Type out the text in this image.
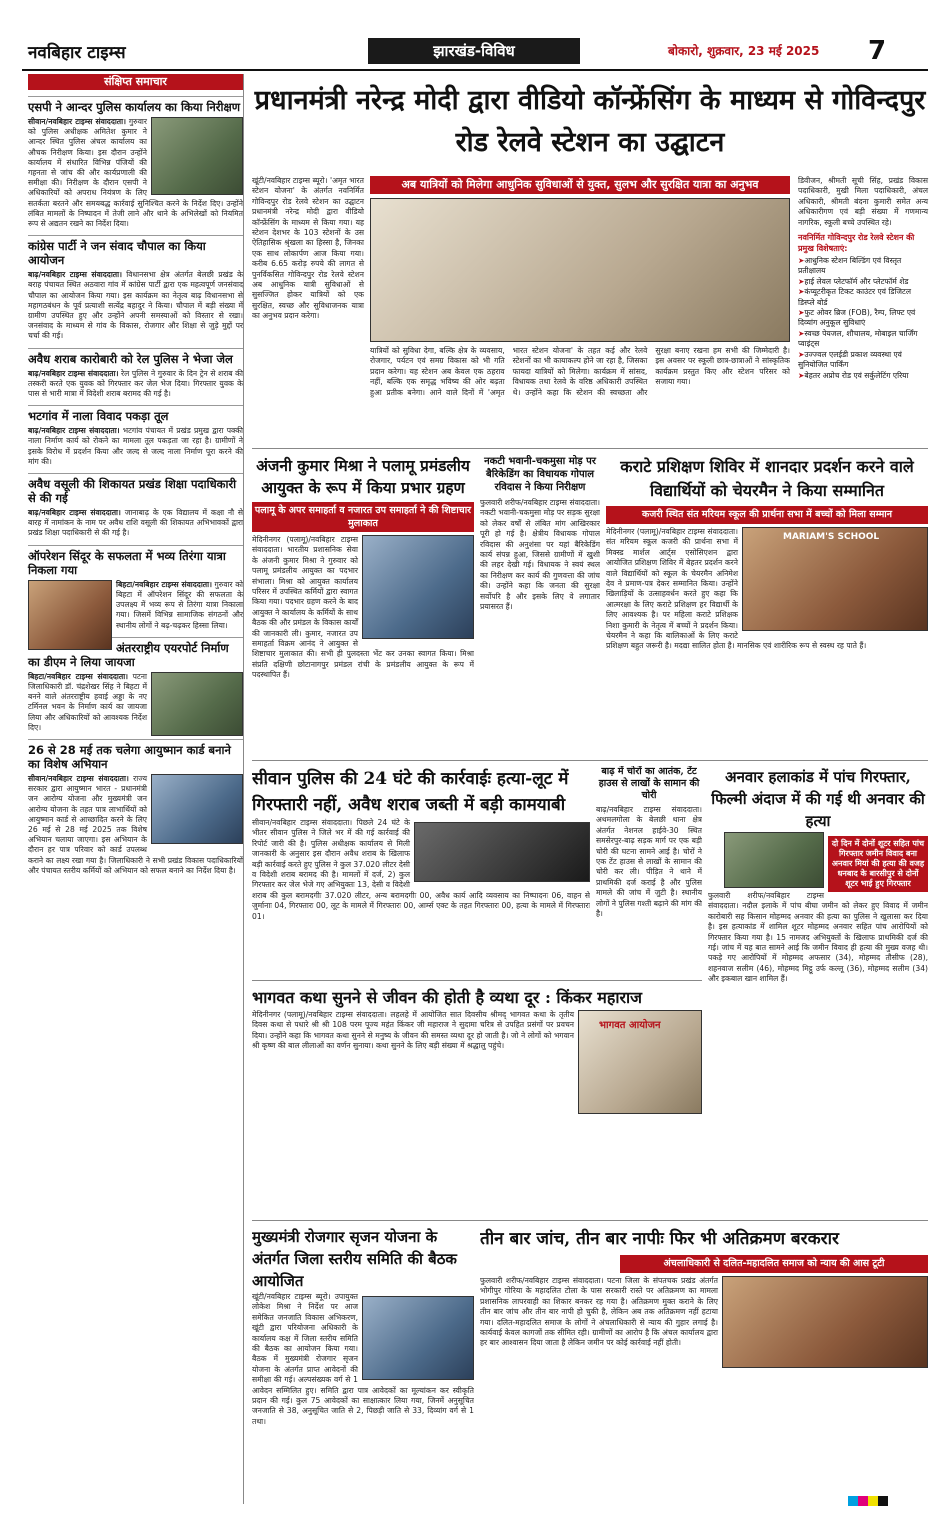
नवबिहार टाइम्स	झारखंड-विविध	बोकारो, शुक्रवार, 23 मई 2025 7
संक्षिप्त समाचार
एसपी ने आन्दर पुलिस कार्यालय का किया निरीक्षण

सीवान/नवबिहार टाइम्स संवाददाता। गुरुवार को पुलिस अधीक्षक अमितेश कुमार ने आन्दर स्थित पुलिस अंचल कार्यालय का औचक निरीक्षण किया। इस दौरान उन्होंने कार्यालय में संधारित विभिन्न पंजियों की गहनता से जांच की और कार्यप्रणाली की समीक्षा की। निरीक्षण के दौरान एसपी ने अधिकारियों को अपराध नियंत्रण के लिए सतर्कता बरतने और समयबद्ध कार्रवाई सुनिश्चित करने के निर्देश दिए। उन्होंने लंबित मामलों के निष्पादन में तेजी लाने और थाने के अभिलेखों को नियमित रूप से अद्यतन रखने का निर्देश दिया।

कांग्रेस पार्टी ने जन संवाद चौपाल का किया आयोजन

बाढ़/नवबिहार टाइम्स संवाददाता। विधानसभा क्षेत्र अंतर्गत बेलछी प्रखंड के बराह पंचायत स्थित अठवारा गांव में कांग्रेस पार्टी द्वारा एक महत्वपूर्ण जनसंवाद चौपाल का आयोजन किया गया। इस कार्यक्रम का नेतृत्व बाढ़ विधानसभा से महागठबंधन के पूर्व प्रत्याशी सत्येंद्र बहादुर ने किया। चौपाल में बड़ी संख्या में ग्रामीण उपस्थित हुए और उन्होंने अपनी समस्याओं को विस्तार से रखा। जनसंवाद के माध्यम से गांव के विकास, रोजगार और शिक्षा से जुड़े मुद्दों पर चर्चा की गई।

अवैध शराब कारोबारी को रेल पुलिस ने भेजा जेल

बाढ़/नवबिहार टाइम्स संवाददाता। रेल पुलिस ने गुरुवार के दिन ट्रेन से शराब की तस्करी करते एक युवक को गिरफ्तार कर जेल भेज दिया। गिरफ्तार युवक के पास से भारी मात्रा में विदेशी शराब बरामद की गई है।

भटगांव में नाला विवाद पकड़ा तूल

बाढ़/नवबिहार टाइम्स संवाददाता। भटगांव पंचायत में प्रखंड प्रमुख द्वारा पक्की नाला निर्माण कार्य को रोकने का मामला तूल पकड़ता जा रहा है। ग्रामीणों ने इसके विरोध में प्रदर्शन किया और जल्द से जल्द नाला निर्माण पूरा करने की मांग की।

अवैध वसूली की शिकायत प्रखंड शिक्षा पदाधिकारी से की गई

बाढ़/नवबिहार टाइम्स संवाददाता। जानाबाढ़ के एक विद्यालय में कक्षा नौ से बारह में नामांकन के नाम पर अवैध राशि वसूली की शिकायत अभिभावकों द्वारा प्रखंड शिक्षा पदाधिकारी से की गई है।

ऑपरेशन सिंदूर के सफलता में भव्य तिरंगा यात्रा निकला गया

बिहटा/नवबिहार टाइम्स संवाददाता। गुरुवार को बिहटा में ऑपरेशन सिंदूर की सफलता के उपलक्ष्य में भव्य रूप से तिरंगा यात्रा निकाला गया। जिसमें विभिन्न सामाजिक संगठनों और स्थानीय लोगों ने बढ़-चढ़कर हिस्सा लिया।

अंतरराष्ट्रीय एयरपोर्ट निर्माण का डीएम ने लिया जायजा

बिहटा/नवबिहार टाइम्स संवाददाता। पटना जिलाधिकारी डॉ. चंद्रशेखर सिंह ने बिहटा में बनने वाले अंतरराष्ट्रीय हवाई अड्डा के नए टर्मिनल भवन के निर्माण कार्य का जायजा लिया और अधिकारियों को आवश्यक निर्देश दिए।

26 से 28 मई तक चलेगा आयुष्मान कार्ड बनाने का विशेष अभियान

सीवान/नवबिहार टाइम्स संवाददाता। राज्य सरकार द्वारा आयुष्मान भारत - प्रधानमंत्री जन आरोग्य योजना और मुख्यमंत्री जन आरोग्य योजना के तहत पात्र लाभार्थियों को आयुष्मान कार्ड से आच्छादित करने के लिए 26 मई से 28 मई 2025 तक विशेष अभियान चलाया जाएगा। इस अभियान के दौरान हर पात्र परिवार को कार्ड उपलब्ध कराने का लक्ष्य रखा गया है। जिलाधिकारी ने सभी प्रखंड विकास पदाधिकारियों और पंचायत स्तरीय कर्मियों को अभियान को सफल बनाने का निर्देश दिया है।

प्रधानमंत्री नरेन्द्र मोदी द्वारा वीडियो कॉन्फ्रेंसिंग के माध्यम से गोविन्दपुर रोड रेलवे स्टेशन का उद्घाटन

खूंटी/नवबिहार टाइम्स ब्यूरो। 'अमृत भारत स्टेशन योजना' के अंतर्गत नवनिर्मित गोविन्दपुर रोड रेलवे स्टेशन का उद्घाटन प्रधानमंत्री नरेन्द्र मोदी द्वारा वीडियो कॉन्फ्रेंसिंग के माध्यम से किया गया। यह स्टेशन देशभर के 103 स्टेशनों के उस ऐतिहासिक श्रृंखला का हिस्सा है, जिनका एक साथ लोकार्पण आज किया गया। करीब 6.65 करोड़ रुपये की लागत से पुनर्विकसित गोविन्दपुर रोड रेलवे स्टेशन अब आधुनिक यात्री सुविधाओं से सुसज्जित होकर यात्रियों को एक सुरक्षित, स्वच्छ और सुविधाजनक यात्रा का अनुभव प्रदान करेगा।

अब यात्रियों को मिलेगा आधुनिक सुविधाओं से युक्त, सुलभ और सुरक्षित यात्रा का अनुभव

यात्रियों को सुविधा देगा, बल्कि क्षेत्र के व्यवसाय, रोजगार, पर्यटन एवं समग्र विकास को भी गति प्रदान करेगा। यह स्टेशन अब केवल एक ठहराव नहीं, बल्कि एक समृद्ध भविष्य की ओर बढ़ता हुआ प्रतीक बनेगा। आने वाले दिनों में 'अमृत भारत स्टेशन योजना' के तहत कई और रेलवे स्टेशनों का भी कायाकल्प होने जा रहा है, जिसका फायदा यात्रियों को मिलेगा। कार्यक्रम में सांसद, विधायक तथा रेलवे के वरिष्ठ अधिकारी उपस्थित थे। उन्होंने कहा कि स्टेशन की स्वच्छता और सुरक्षा बनाए रखना हम सभी की जिम्मेदारी है। इस अवसर पर स्कूली छात्र-छात्राओं ने सांस्कृतिक कार्यक्रम प्रस्तुत किए और स्टेशन परिसर को सजाया गया।

डिवीजन, श्रीमती सूची सिंह, प्रखंड विकास पदाधिकारी, मुखी मिला पदाधिकारी, अंचल अधिकारी, श्रीमती बंदना कुमारी समेत अन्य अधिकारीगण एवं बड़ी संख्या में गणमान्य नागरिक, स्कूली बच्चे उपस्थित रहे।

नवनिर्मित गोविन्दपुर रोड रेलवे स्टेशन की प्रमुख विशेषताएं:
➤ आधुनिक स्टेशन बिल्डिंग एवं विस्तृत प्रतीक्षालय
➤ हाई लेवल प्लेटफॉर्म और प्लेटफॉर्म शेड
➤ कंप्यूटरीकृत टिकट काउंटर एवं डिजिटल डिस्प्ले बोर्ड
➤ फुट ओवर ब्रिज (FOB), रैम्प, लिफ्ट एवं दिव्यांग अनुकूल सुविधाएं
➤ स्वच्छ पेयजल, शौचालय, मोबाइल चार्जिंग प्वाइंट्स
➤ उज्ज्वल एलईडी प्रकाश व्यवस्था एवं सुनियोजित पार्किंग
➤ बेहतर अप्रोच रोड एवं सर्कुलेटिंग एरिया
अंजनी कुमार मिश्रा ने पलामू प्रमंडलीय आयुक्त के रूप में किया प्रभार ग्रहण
पलामू के अपर समाहर्ता व नजारत उप समाहर्ता ने की शिष्टाचार मुलाकात

मेदिनीनगर (पलामू)/नवबिहार टाइम्स संवाददाता। भारतीय प्रशासनिक सेवा के अंजनी कुमार मिश्रा ने गुरुवार को पलामू प्रमंडलीय आयुक्त का पदभार संभाला। मिश्रा को आयुक्त कार्यालय परिसर में उपस्थित कर्मियों द्वारा स्वागत किया गया। पदभार ग्रहण करने के बाद आयुक्त ने कार्यालय के कर्मियों के साथ बैठक की और प्रमंडल के विकास कार्यों की जानकारी ली। कुमार, नजारत उप समाहर्ता विक्रम आनंद ने आयुक्त से शिष्टाचार मुलाकात की। सभी ही पुलदस्ता भेंट कर उनका स्वागत किया। मिश्रा संप्रति दक्षिणी छोटानागपुर प्रमंडल रांची के प्रमंडलीय आयुक्त के रूप में पदस्थापित हैं।

नकटी भवानी-चकमुसा मोड़ पर बैरिकेडिंग का विधायक गोपाल रविदास ने किया निरीक्षण

फुलवारी शरीफ/नवबिहार टाइम्स संवाददाता। नकटी भवानी-चकमुसा मोड़ पर सड़क सुरक्षा को लेकर वर्षों से लंबित मांग आखिरकार पूरी हो गई है। क्षेत्रीय विधायक गोपाल रविदास की अनुशंसा पर यहां बैरिकेडिंग कार्य संपन्न हुआ, जिससे ग्रामीणों में खुशी की लहर देखी गई। विधायक ने स्वयं स्थल का निरीक्षण कर कार्य की गुणवत्ता की जांच की। उन्होंने कहा कि जनता की सुरक्षा सर्वोपरि है और इसके लिए वे लगातार प्रयासरत हैं।

कराटे प्रशिक्षण शिविर में शानदार प्रदर्शन करने वाले विद्यार्थियों को चेयरमैन ने किया सम्मानित
कजरी स्थित संत मरियम स्कूल की प्रार्थना सभा में बच्चों को मिला सम्मान
MARIAM'S SCHOOL

मेदिनीनगर (पलामू)/नवबिहार टाइम्स संवाददाता। संत मरियम स्कूल कजरी की प्रार्थना सभा में मिक्स्ड मार्शल आर्ट्स एसोसिएशन द्वारा आयोजित प्रशिक्षण शिविर में बेहतर प्रदर्शन करने वाले विद्यार्थियों को स्कूल के चेयरमैन अनिमेश देव ने प्रमाण-पत्र देकर सम्मानित किया। उन्होंने खिलाड़ियों के उत्साहवर्धन करते हुए कहा कि आत्मरक्षा के लिए कराटे प्रशिक्षण हर विद्यार्थी के लिए आवश्यक है। पर महिला कराटे प्रशिक्षक निशा कुमारी के नेतृत्व में बच्चों ने प्रदर्शन किया। चेयरमैन ने कहा कि बालिकाओं के लिए कराटे प्रशिक्षण बहुत जरूरी है। मदद्या सालित होता है। मानसिक एवं शारीरिक रूप से स्वस्थ रह पाते हैं।

सीवान पुलिस की 24 घंटे की कार्रवाईः हत्या-लूट में गिरफ्तारी नहीं, अवैध शराब जब्ती में बड़ी कामयाबी

सीवान/नवबिहार टाइम्स संवाददाता। पिछले 24 घंटे के भीतर सीवान पुलिस ने जिले भर में की गई कार्रवाई की रिपोर्ट जारी की है। पुलिस अधीक्षक कार्यालय से मिली जानकारी के अनुसार इस दौरान अवैध शराब के खिलाफ बड़ी कार्रवाई करते हुए पुलिस ने कुल 37.020 लीटर देसी व विदेशी शराब बरामद की है। मामलों में दर्ज, 2) कुल गिरफ्तार कर जेल भेजे गए अभियुक्तः 13, देसी व विदेशी शराब की कुल बरामदगीः 37.020 लीटर, अन्य बरामदगीः 00, अवैध कार्य आदि व्यवसाय का निष्पादनः 06, वाहन से जुर्मानाः 04, गिरफ्तारः 00, लूट के मामले में गिरफ्तारः 00, आर्म्स एक्ट के तहत गिरफ्तारः 00, हत्या के मामले में गिरफ्तारः 01।

बाढ़ में चोरों का आतंक, टेंट हाउस से लाखों के सामान की चोरी

बाढ़/नवबिहार टाइम्स संवाददाता। अथमलगोला के बेलछी थाना क्षेत्र अंतर्गत नेशनल हाईवे-30 स्थित समसेरपुर-बाढ़ सड़क मार्ग पर एक बड़ी चोरी की घटना सामने आई है। चोरों ने एक टेंट हाउस से लाखों के सामान की चोरी कर ली। पीड़ित ने थाने में प्राथमिकी दर्ज कराई है और पुलिस मामले की जांच में जुटी है। स्थानीय लोगों ने पुलिस गश्ती बढ़ाने की मांग की है।

अनवार हलाकांड में पांच गिरफ्तार, फिल्मी अंदाज में की गई थी अनवार की हत्या
दो दिन में दोनों शूटर सहित पांच गिरफ्तार जमीन विवाद बना अनवार मियां की हत्या की वजह धनबाद के बारसीपुर से दोनों शूटर भाई हुए गिरफ्तार

फुलवारी शरीफ/नवबिहार टाइम्स संवाददाता। नदौल इलाके में पांच बीघा जमीन को लेकर हुए विवाद में जमीन कारोबारी सह किसान मोहम्मद अनवार की हत्या का पुलिस ने खुलासा कर दिया है। इस हत्याकांड में शामिल शूटर मोहम्मद अनवार सहित पांच आरोपियों को गिरफ्तार किया गया है। 15 नामजद अभियुक्तों के खिलाफ प्राथमिकी दर्ज की गई। जांच में यह बात सामने आई कि जमीन विवाद ही हत्या की मुख्य वजह थी। पकड़े गए आरोपियों में मोहम्मद अफसार (34), मोहम्मद तौसीफ (28), शहनवाज सलीम (46), मोहम्मद मिट्ठू उर्फ कल्लू (36), मोहम्मद सलीम (34) और इकबाल खान शामिल हैं।

भागवत कथा सुनने से जीवन की होती है व्यथा दूर : किंकर महाराज
भागवत आयोजन

मेदिनीनगर (पलामू)/नवबिहार टाइम्स संवाददाता। लहलहे में आयोजित सात दिवसीय श्रीमद् भागवत कथा के तृतीय दिवस कथा से पधारे श्री श्री 108 परम पूज्य महंत किंकर जी महाराज ने सुदामा चरित्र से उपहित प्रसंगों पर प्रवचन दिया। उन्होंने कहा कि भागवत कथा सुनने से मनुष्य के जीवन की समस्त व्यथा दूर हो जाती है। जो ने लोगों को भगवान श्री कृष्ण की बाल लीलाओं का वर्णन सुनाया। कथा सुनने के लिए बड़ी संख्या में श्रद्धालु पहुंचे।

मुख्यमंत्री रोजगार सृजन योजना के अंतर्गत जिला स्तरीय समिति की बैठक आयोजित

खूंटी/नवबिहार टाइम्स ब्यूरो। उपायुक्त लोकेश मिश्रा ने निर्देश पर आज समेकित जनजाति विकास अभिकरण, खूंटी द्वारा परियोजना अधिकारी के कार्यालय कक्ष में जिला स्तरीय समिति की बैठक का आयोजन किया गया। बैठक में मुख्यमंत्री रोजगार सृजन योजना के अंतर्गत प्राप्त आवेदनों की समीक्षा की गई। अल्पसंख्यक वर्ग से 1 आवेदन सम्मिलित हुए। समिति द्वारा पात्र आवेदकों का मूल्यांकन कर स्वीकृति प्रदान की गई। कुल 75 आवेदकों का साक्षात्कार लिया गया, जिनमें अनुसूचित जनजाति से 38, अनुसूचित जाति से 2, पिछड़ी जाति से 33, दिव्यांग वर्ग से 1 तथा।

तीन बार जांच, तीन बार नापीः फिर भी अतिक्रमण बरकरार
अंचलाधिकारी से दलित-महादलित समाज को न्याय की आस टूटी

फुलवारी शरीफ/नवबिहार टाइम्स संवाददाता। पटना जिला के संपतचक प्रखंड अंतर्गत भोगीपुर गोरिया के महादलित टोला के पास सरकारी रास्ते पर अतिक्रमण का मामला प्रशासनिक लापरवाही का शिकार बनकर रह गया है। अतिक्रमण मुक्त कराने के लिए तीन बार जांच और तीन बार नापी हो चुकी है, लेकिन अब तक अतिक्रमण नहीं हटाया गया। दलित-महादलित समाज के लोगों ने अंचलाधिकारी से न्याय की गुहार लगाई है। कार्यवाई केवल कागजों तक सीमित रही। ग्रामीणों का आरोप है कि अंचल कार्यालय द्वारा हर बार आश्वासन दिया जाता है लेकिन जमीन पर कोई कार्रवाई नहीं होती।
